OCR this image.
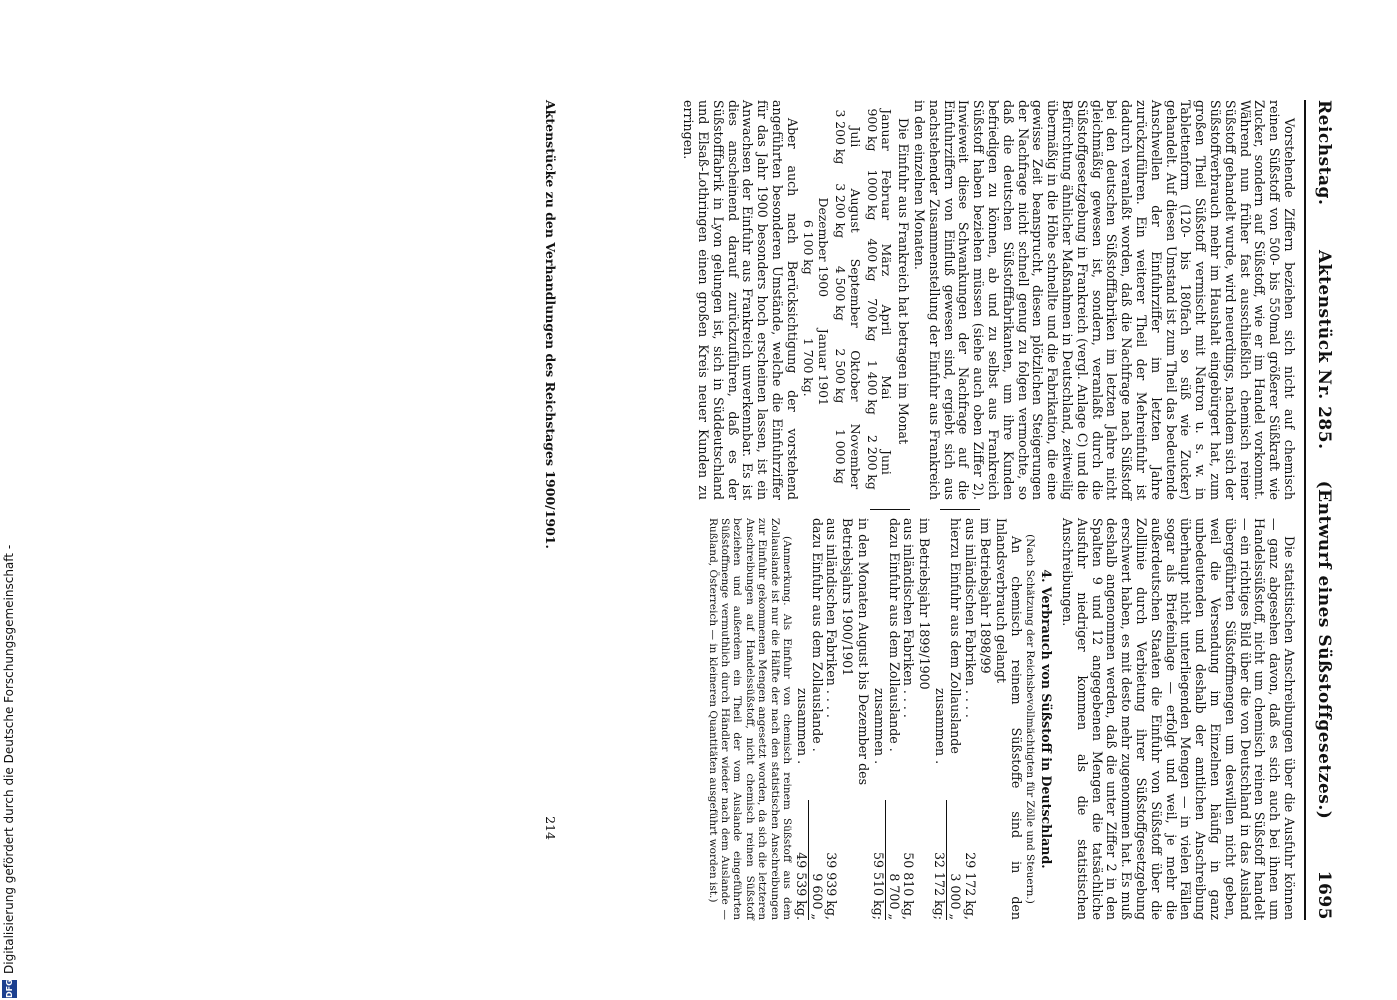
Reichstag.
Aktenstück Nr. 285.
(Entwurf eines Süßstoffgesetzes.)        1695

Vorstehende Ziffern beziehen sich nicht auf chemisch reinen Süßstoff von 500- bis 550mal größerer Süßkraft wie Zucker, sondern auf Süßstoff, wie er im Handel vorkommt. Während nun früher fast ausschließlich chemisch reiner Süßstoff gehandelt wurde, wird neuerdings, nachdem sich der Süßstoffverbrauch mehr im Haushalt eingebürgert hat, zum großen Theil Süßstoff vermischt mit Natron u. s. w. in Tablettenform (120- bis 180fach so süß wie Zucker) gehandelt. Auf diesen Umstand ist zum Theil das bedeutende Anschwellen der Einfuhrziffer im letzten Jahre zurückzuführen. Ein weiterer Theil der Mehreinfuhr ist dadurch veranlaßt worden, daß die Nachfrage nach Süßstoff bei den deutschen Süßstofffabriken im letzten Jahre nicht gleichmäßig gewesen ist, sondern, veranlaßt durch die Süßstoffgesetzgebung in Frankreich (vergl. Anlage C) und die Befürchtung ähnlicher Maßnahmen in Deutschland, zeitweilig übermäßig in die Höhe schnellte und die Fabrikation, die eine gewisse Zeit beansprucht, diesen plötzlichen Steigerungen der Nachfrage nicht schnell genug zu folgen vermochte, so daß die deutschen Süßstofffabrikanten, um ihre Kunden befriedigen zu können, ab und zu selbst aus Frankreich Süßstoff haben beziehen müssen (siehe auch oben Ziffer 2). Inwieweit diese Schwankungen der Nachfrage auf die Einfuhrziffern von Einfluß gewesen sind, ergiebt sich aus nachstehender Zusammenstellung der Einfuhr aus Frankreich in den einzelnen Monaten.

Die Einfuhr aus Frankreich hat betragen im Monat

Januar	Februar	März	April	Mai	Juni
900 kg	1000 kg	400 kg	700 kg	1 400 kg	2 200 kg
Juli	August	September	Oktober	November
3 200 kg	3 200 kg	4 500 kg	2 500 kg	1 000 kg
Dezember 1900	Januar 1901
6 100 kg	1 700 kg.

Aber auch nach Berücksichtigung der vorstehend angeführten besonderen Umstände, welche die Einfuhrziffer für das Jahr 1900 besonders hoch erscheinen lassen, ist ein Anwachsen der Einfuhr aus Frankreich unverkennbar. Es ist dies anscheinend darauf zurückzuführen, daß es der Süßstofffabrik in Lyon gelungen ist, sich in Süddeutschland und Elsaß-Lothringen einen großen Kreis neuer Kunden zu erringen.

Die statistischen Anschreibungen über die Ausfuhr können — ganz abgesehen davon, daß es sich auch bei ihnen um Handelssüßstoff, nicht um chemisch reinen Süßstoff handelt — ein richtiges Bild über die von Deutschland in das Ausland übergeführten Süßstoffmengen um deswillen nicht geben, weil die Versendung im Einzelnen häufig in ganz unbedeutenden und deshalb der amtlichen Anschreibung überhaupt nicht unterliegenden Mengen — in vielen Fällen sogar als Briefeinlage — erfolgt und weil, je mehr die außerdeutschen Staaten die Einfuhr von Süßstoff über die Zolllinie durch Verbietung ihrer Süßstoffgesetzgebung erschwert haben, es mit desto mehr zugenommen hat. Es muß deshalb angenommen werden, daß die unter Ziffer 2 in den Spalten 9 und 12 angegebenen Mengen die tatsächliche Ausfuhr niedriger kommen als die statistischen Anschreibungen.

4. Verbrauch von Süßstoff in Deutschland.

(Nach Schätzung der Reichsbevollmächtigten für Zölle und Steuern.)

An chemisch reinem Süßstoffe sind in den Inlandsverbrauch gelangt

im Betriebsjahr 1898/99

aus inländischen Fabriken . . . .
29 172 kg,
hierzu Einfuhr aus dem Zollauslande
3 000 „
zusammen .
32 172 kg;

im Betriebsjahr 1899/1900

aus inländischen Fabriken . . . .
50 810 kg,
dazu Einfuhr aus dem Zollauslande .
8 700 „
zusammen .
59 510 kg;

in den Monaten August bis Dezember des

Betriebsjahrs 1900/1901

aus inländischen Fabriken . . . .
39 939 kg,
dazu Einfuhr aus dem Zollauslande .
9 600 „
zusammen .
49 539 kg.

(Anmerkung. Als Einfuhr von chemisch reinem Süßstoff aus dem Zollauslande ist nur die Hälfte der nach den statistischen Anschreibungen zur Einfuhr gekommenen Mengen angesetzt worden, da sich die letzteren Anschreibungen auf Handelssüßstoff, nicht chemisch reinen Süßstoff beziehen und außerdem ein Theil der vom Auslande eingeführten Süßstoffmenge vermuthlich durch Händler wieder nach dem Auslande — Rußland, Österreich — in kleineren Quantitäten ausgeführt worden ist.)

Aktenstücke zu den Verhandlungen des Reichstages 1900/1901.
214
DFG
Digitalisierung gefördert durch die Deutsche Forschungsgemeinschaft -
